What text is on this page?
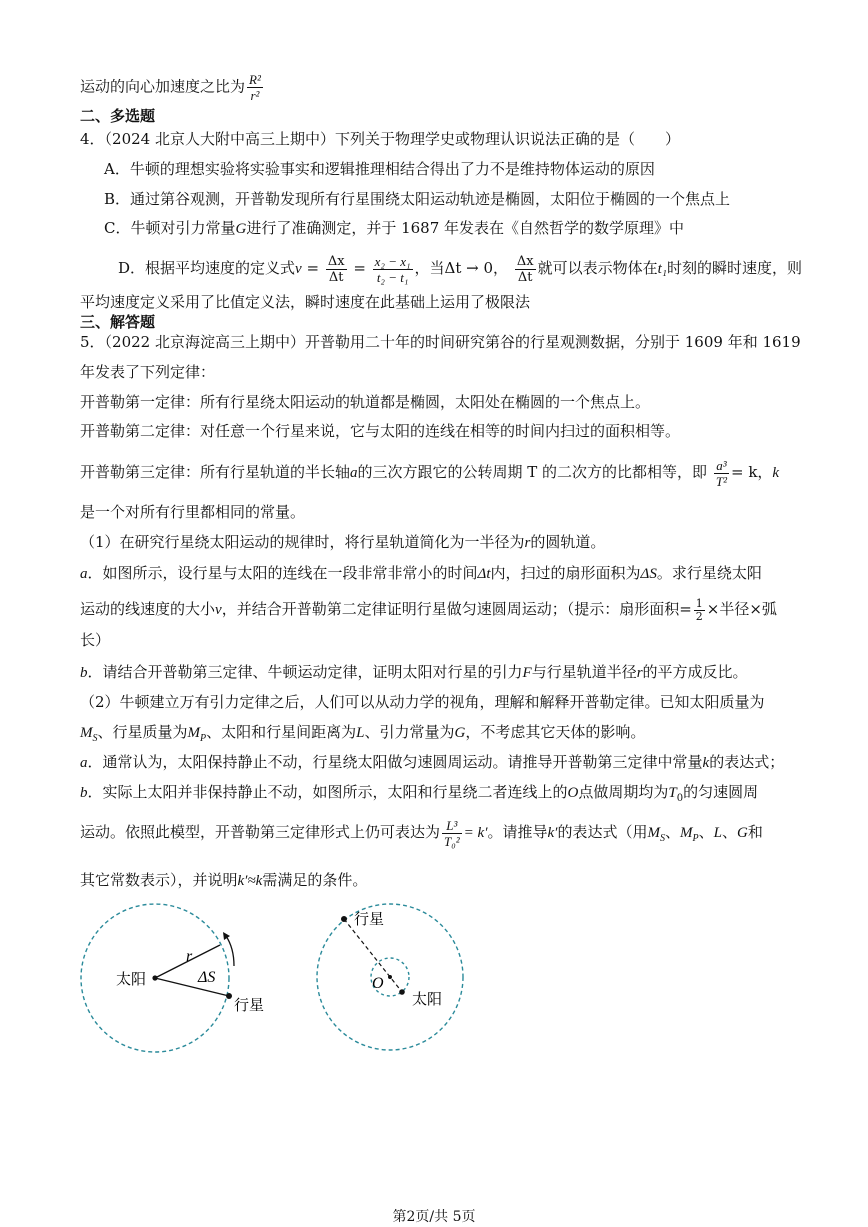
运动的向心加速度之比为 $\frac{\text{R²}}{\text{r²}}$
二、多选题
4．（2024 北京人大附中高三上期中）下列关于物理学史或物理认识说法正确的是（　　）
A．牛顿的理想实验将实验事实和逻辑推理相结合得出了力不是维持物体运动的原因
B．通过第谷观测，开普勒发现所有行星围绕太阳运动轨迹是椭圆，太阳位于椭圆的一个焦点上
C．牛顿对引力常量G进行了准确测定，并于 1687 年发表在《自然哲学的数学原理》中
D．根据平均速度的定义式$v = \frac{\Delta x}{\Delta t} = \frac{\text{x₂ − x₁}}{\text{t₂ − t₁}}$ ，当Δt → 0， $\frac{\Delta x}{\Delta t}$ 就可以表示物体在t₁时刻的瞬时速度，则
平均速度定义采用了比值定义法，瞬时速度在此基础上运用了极限法
三、解答题
5．（2022 北京海淀高三上期中）开普勒用二十年的时间研究第谷的行星观测数据，分别于 1609 年和 1619
年发表了下列定律：
开普勒第一定律：所有行星绕太阳运动的轨道都是椭圆，太阳处在椭圆的一个焦点上。
开普勒第二定律：对任意一个行星来说，它与太阳的连线在相等的时间内扫过的面积相等。
开普勒第三定律：所有行星轨道的半长轴a的三次方跟它的公转周期 T 的二次方的比都相等，即 $\frac{\text{a³}}{\text{T²}} = k$，k
是一个对所有行里都相同的常量。
（1）在研究行星绕太阳运动的规律时，将行星轨道简化为一半径为r的圆轨道。
a．如图所示，设行星与太阳的连线在一段非常非常小的时间Δt内，扫过的扇形面积为ΔS。求行星绕太阳
运动的线速度的大小v，并结合开普勒第二定律证明行星做匀速圆周运动；（提示：扇形面积= $\frac{1}{2}$ ×半径×弧
长）
b．请结合开普勒第三定律、牛顿运动定律，证明太阳对行星的引力F与行星轨道半径r的平方成反比。
（2）牛顿建立万有引力定律之后，人们可以从动力学的视角，理解和解释开普勒定律。已知太阳质量为
$M_S$、行星质量为$M_P$、太阳和行星间距离为L、引力常量为G，不考虑其它天体的影响。
a．通常认为，太阳保持静止不动，行星绕太阳做匀速圆周运动。请推导开普勒第三定律中常量k的表达式；
b．实际上太阳并非保持静止不动，如图所示，太阳和行星绕二者连线上的O点做周期均为$T_0$的匀速圆周
运动。依照此模型，开普勒第三定律形式上仍可表达为 $\frac{\text{L³}}{\text{T₀²}} = k'$。请推导k′的表达式（用$M_S$、$M_P$、L、G和
其它常数表示），并说明k′≈k需满足的条件。
太阳
行星
r
ΔS
行星
O
太阳
第2页/共 5页
